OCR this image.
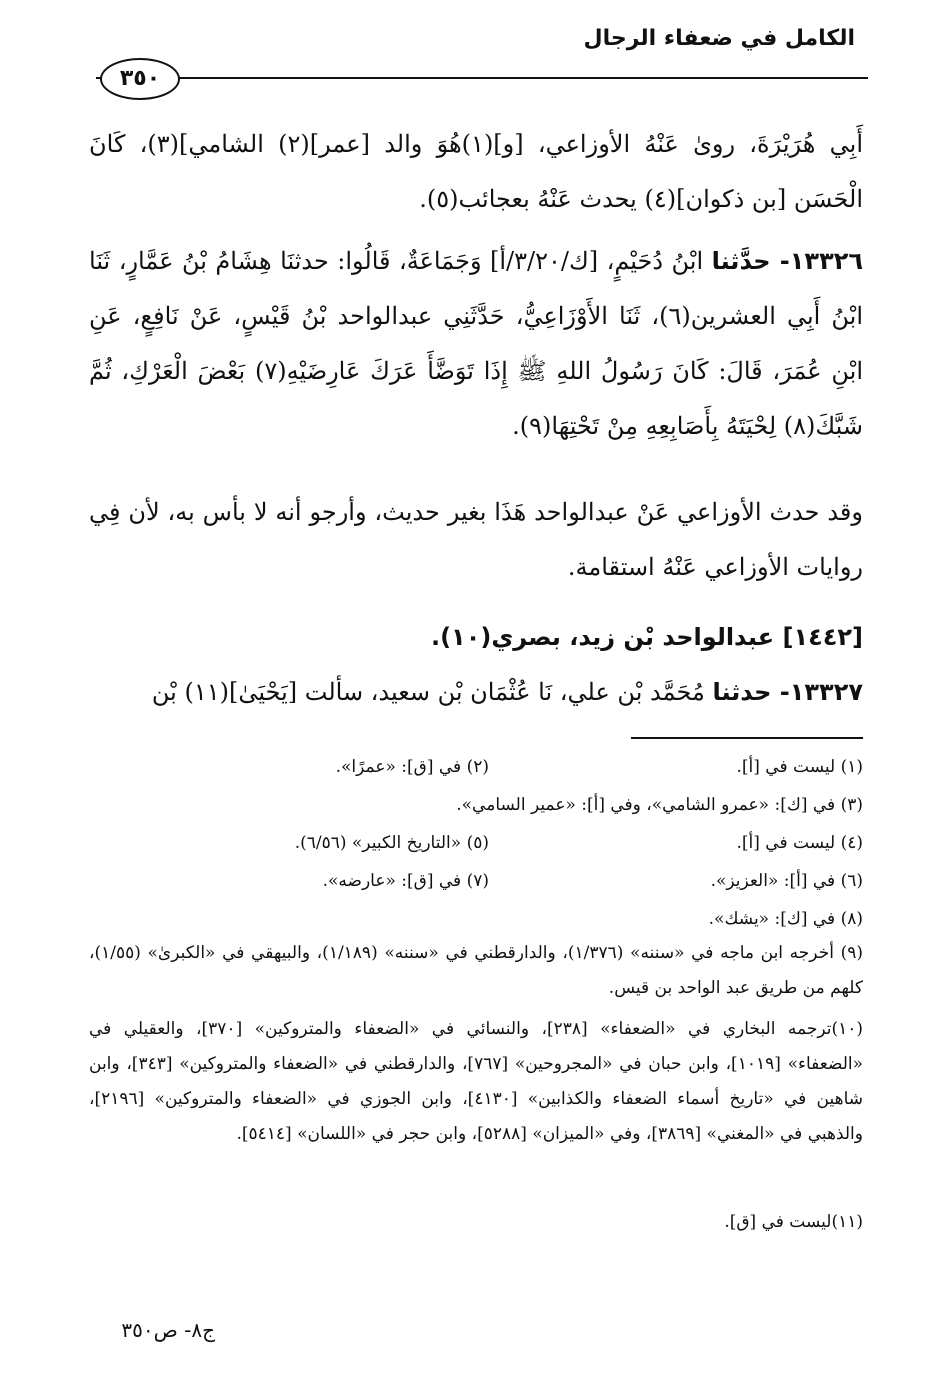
الكامل في ضعفاء الرجال
٣٥٠
أَبِي هُرَيْرَةَ، روىٰ عَنْهُ الأوزاعي، [و](١)هُوَ والد [عمر](٢) الشامي](٣)، كَانَ الْحَسَن [بن ذكوان](٤) يحدث عَنْهُ بعجائب(٥).
١٣٣٢٦- حدَّثنا ابْنُ دُحَيْمٍ، [ك/٣/٢٠/أ] وَجَمَاعَةٌ، قَالُوا: حدثنَا هِشَامُ بْنُ عَمَّارٍ، ثَنَا ابْنُ أَبِي العشرين(٦)، ثَنَا الأَوْزَاعِيُّ، حَدَّثَنِي عبدالواحد بْنُ قَيْسٍ، عَنْ نَافِعٍ، عَنِ ابْنِ عُمَرَ، قَالَ: كَانَ رَسُولُ اللهِ ﷺ إِذَا تَوَضَّأَ عَرَكَ عَارِضَيْهِ(٧) بَعْضَ الْعَرْكِ، ثُمَّ شَبَّكَ(٨) لِحْيَتَهُ بِأَصَابِعِهِ مِنْ تَحْتِهَا(٩).
وقد حدث الأوزاعي عَنْ عبدالواحد هَذَا بغير حديث، وأرجو أنه لا بأس به، لأن فِي روايات الأوزاعي عَنْهُ استقامة.
[١٤٤٢] عبدالواحد بْن زيد، بصري(١٠).
١٣٣٢٧- حدثنا مُحَمَّد بْن علي، نَا عُثْمَان بْن سعيد، سألت [يَحْيَىٰ](١١) بْن
(١) ليست في [أ].
(٢) في [ق]: «عمرًا».
(٣) في [ك]: «عمرو الشامي»، وفي [أ]: «عمير السامي».
(٤) ليست في [أ].
(٥) «التاريخ الكبير» (٦/٥٦).
(٦) في [أ]: «العزيز».
(٧) في [ق]: «عارضه».
(٨) في [ك]: «يشك».
(٩) أخرجه ابن ماجه في «سننه» (١/٣٧٦)، والدارقطني في «سننه» (١/١٨٩)، والبيهقي في «الكبرىٰ» (١/٥٥)، كلهم من طريق عبد الواحد بن قيس.
(١٠)ترجمه البخاري في «الضعفاء» [٢٣٨]، والنسائي في «الضعفاء والمتروكين» [٣٧٠]، والعقيلي في «الضعفاء» [١٠١٩]، وابن حبان في «المجروحين» [٧٦٧]، والدارقطني في «الضعفاء والمتروكين» [٣٤٣]، وابن شاهين في «تاريخ أسماء الضعفاء والكذابين» [٤١٣٠]، وابن الجوزي في «الضعفاء والمتروكين» [٢١٩٦]، والذهبي في «المغني» [٣٨٦٩]، وفي «الميزان» [٥٢٨٨]، وابن حجر في «اللسان» [٥٤١٤].
(١١)ليست في [ق].
ج٨- ص٣٥٠
